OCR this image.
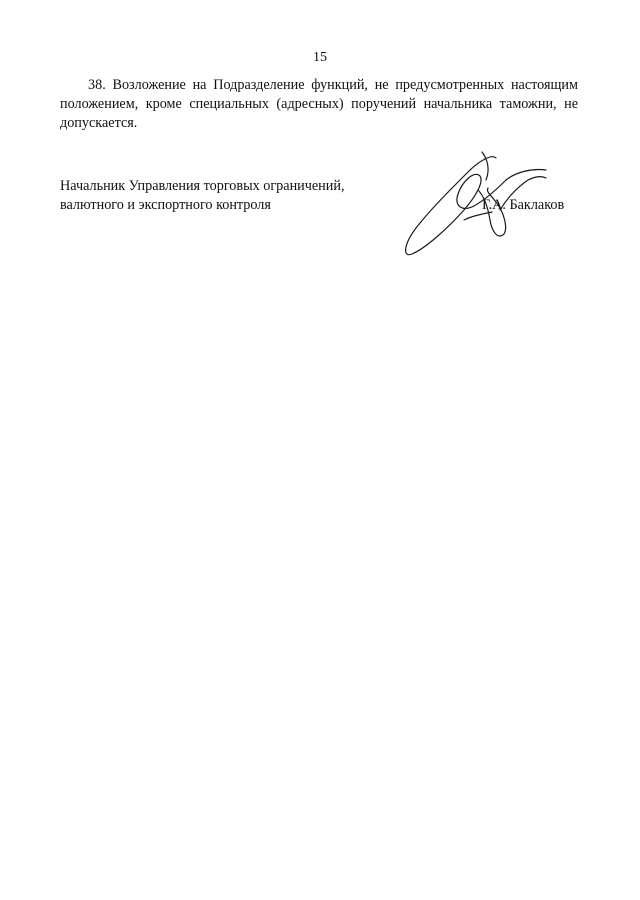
15

38. Возложение на Подразделение функций, не предусмотренных настоящим положением, кроме специальных (адресных) поручений начальника таможни, не допускается.

Начальник Управления торговых ограничений,
валютного и экспортного контроля	Г.А. Баклаков
